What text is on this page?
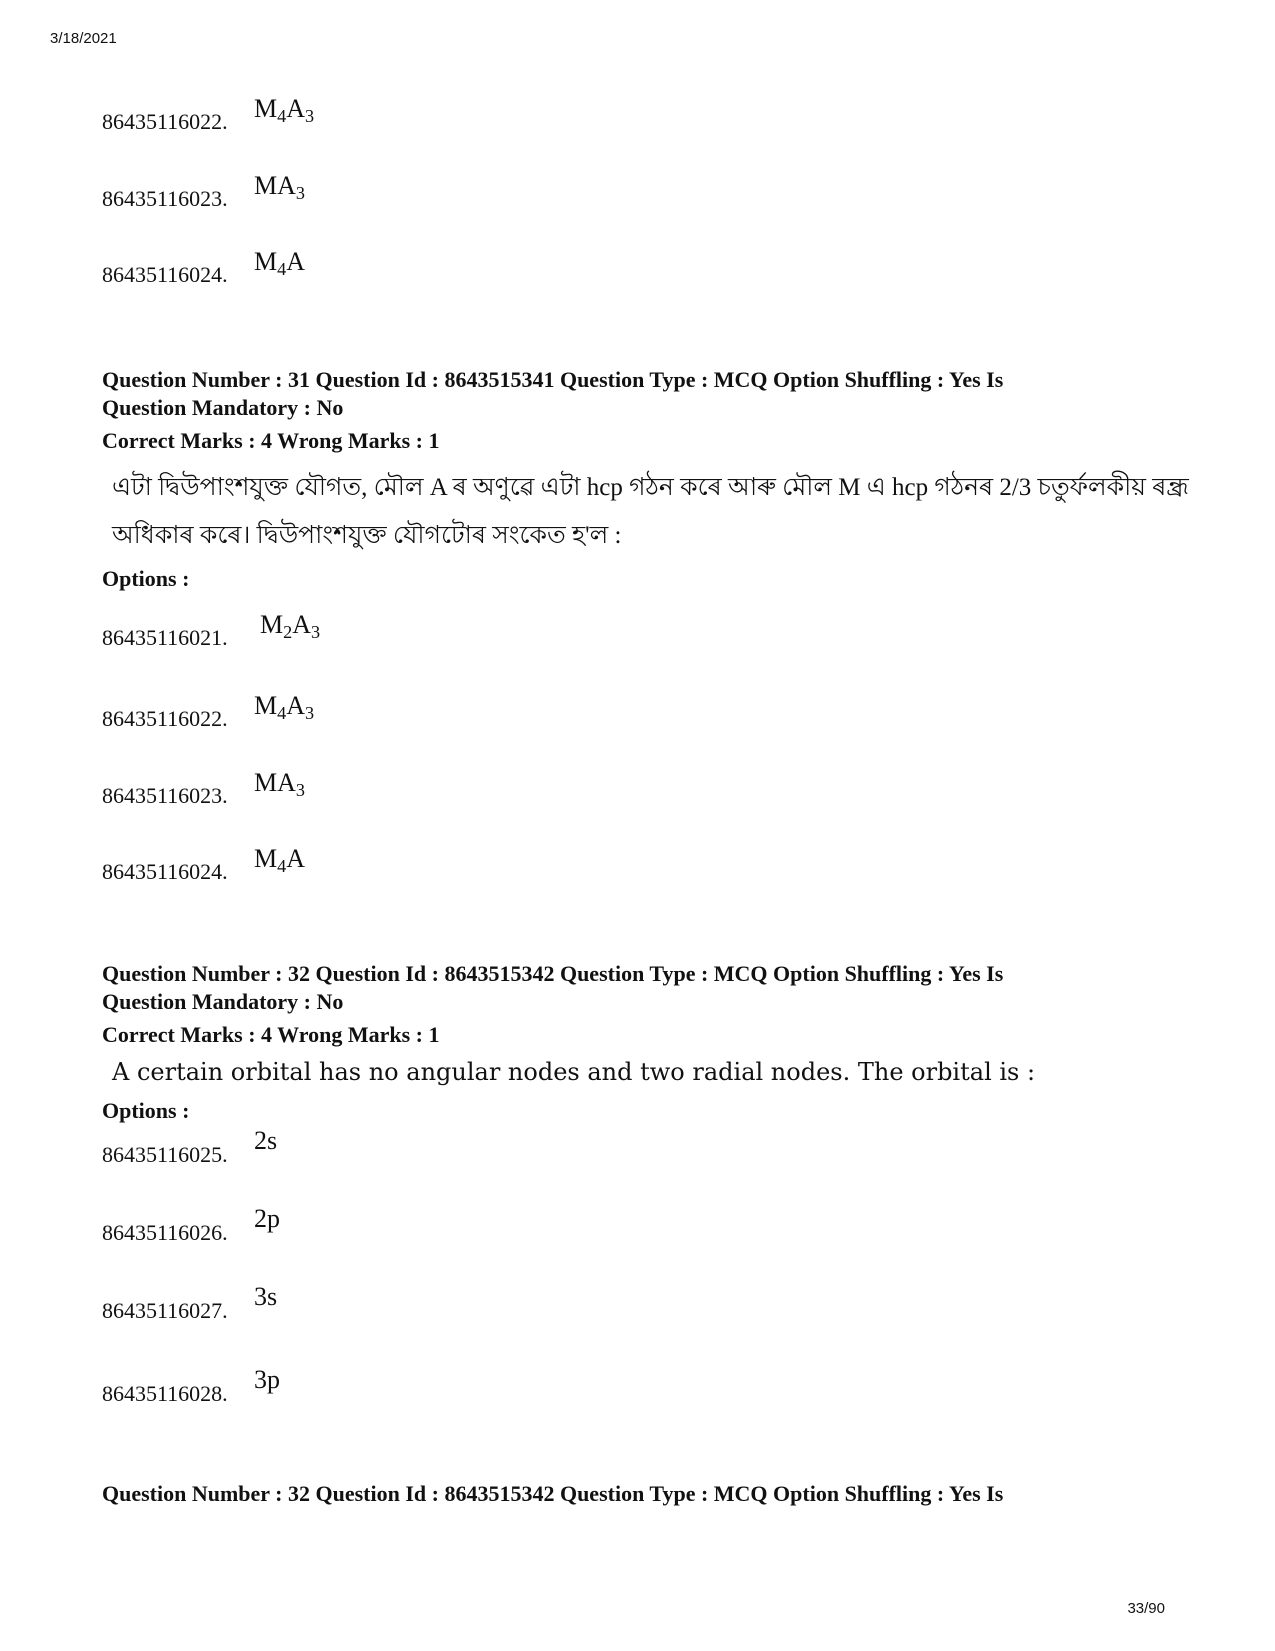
3/18/2021
86435116022. $M_4A_3$
86435116023. $MA_3$
86435116024. $M_4A$
Question Number : 31 Question Id : 8643515341 Question Type : MCQ Option Shuffling : Yes Is
Question Mandatory : No
Correct Marks : 4 Wrong Marks : 1
এটা দ্বিউপাংশযুক্ত যৌগত, মৌল A ৰ অণুৱে এটা hcp গঠন কৰে আৰু মৌল M এ hcp গঠনৰ 2/3 চতুৰ্ফলকীয় ৰন্ধ্ৰ
অধিকাৰ কৰে। দ্বিউপাংশযুক্ত যৌগটোৰ সংকেত হ'ল :
Options :
86435116021. $M_2A_3$
86435116022. $M_4A_3$
86435116023. $MA_3$
86435116024. $M_4A$
Question Number : 32 Question Id : 8643515342 Question Type : MCQ Option Shuffling : Yes Is
Question Mandatory : No
Correct Marks : 4 Wrong Marks : 1
A certain orbital has no angular nodes and two radial nodes. The orbital is :
Options :
86435116025. 2s
86435116026. 2p
86435116027. 3s
86435116028. 3p
Question Number : 32 Question Id : 8643515342 Question Type : MCQ Option Shuffling : Yes Is
33/90
